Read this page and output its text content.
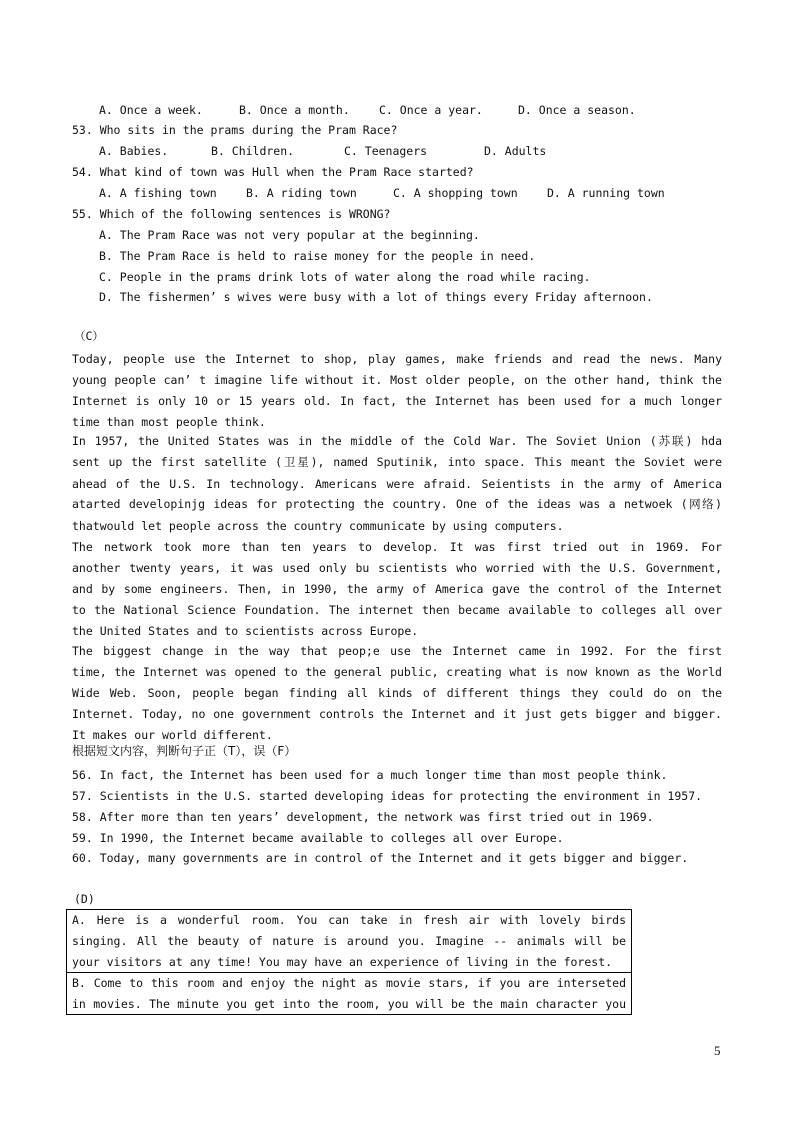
A. Once a week.	B. Once a month.	C. Once a year.	D. Once a season.
53. Who sits in the prams during the Pram Race?
A. Babies.	B. Children.	C. Teenagers	D. Adults
54. What kind of town was Hull when the Pram Race started?
A. A fishing town	B. A riding town	C. A shopping town	D. A running town
55. Which of the following sentences is WRONG?
A. The Pram Race was not very popular at the beginning.
B. The Pram Race is held to raise money for the people in need.
C. People in the prams drink lots of water along the road while racing.
D. The fishermen’ s wives were busy with a lot of things every Friday afternoon.
（C）
Today, people use the Internet to shop, play games, make friends and read the news. Many
young people can’ t imagine life without it. Most older people, on the other hand, think the
Internet is only 10 or 15 years old. In fact, the Internet has been used for a much longer
time than most people think.
In 1957, the United States was in the middle of the Cold War. The Soviet Union (苏联) hda
sent up the first satellite (卫星), named Sputinik, into space. This meant the Soviet were
ahead of the U.S. In technology. Americans were afraid. Seientists in the army of America
atarted developinjg ideas for protecting the country. One of the ideas was a netwoek (网络)
thatwould let people across the country communicate by using computers.
The network took more than ten years to develop. It was first tried out in 1969. For
another twenty years, it was used only bu scientists who worried with the U.S. Government,
and by some engineers. Then, in 1990, the army of America gave the control of the Internet
to the National Science Foundation. The internet then became available to colleges all over
the United States and to scientists across Europe.
The biggest change in the way that peop;e use the Internet came in 1992. For the first
time, the Internet was opened to the general public, creating what is now known as the World
Wide Web. Soon, people began finding all kinds of different things they could do on the
Internet. Today, no one government controls the Internet and it just gets bigger and bigger.
It makes our world different.
根据短文内容，判断句子正（T），误（F）
56. In fact, the Internet has been used for a much longer time than most people think.
57. Scientists in the U.S. started developing ideas for protecting the environment in 1957.
58. After more than ten years’ development, the network was first tried out in 1969.
59. In 1990, the Internet became available to colleges all over Europe.
60. Today, many governments are in control of the Internet and it gets bigger and bigger.
(D)
A. Here is a wonderful room. You can take in fresh air with lovely birds
singing. All the beauty of nature is around you. Imagine -- animals will be
your visitors at any time! You may have an experience of living in the forest.
B. Come to this room and enjoy the night as movie stars, if you are interseted
in movies. The minute you get into the room, you will be the main character you
5
